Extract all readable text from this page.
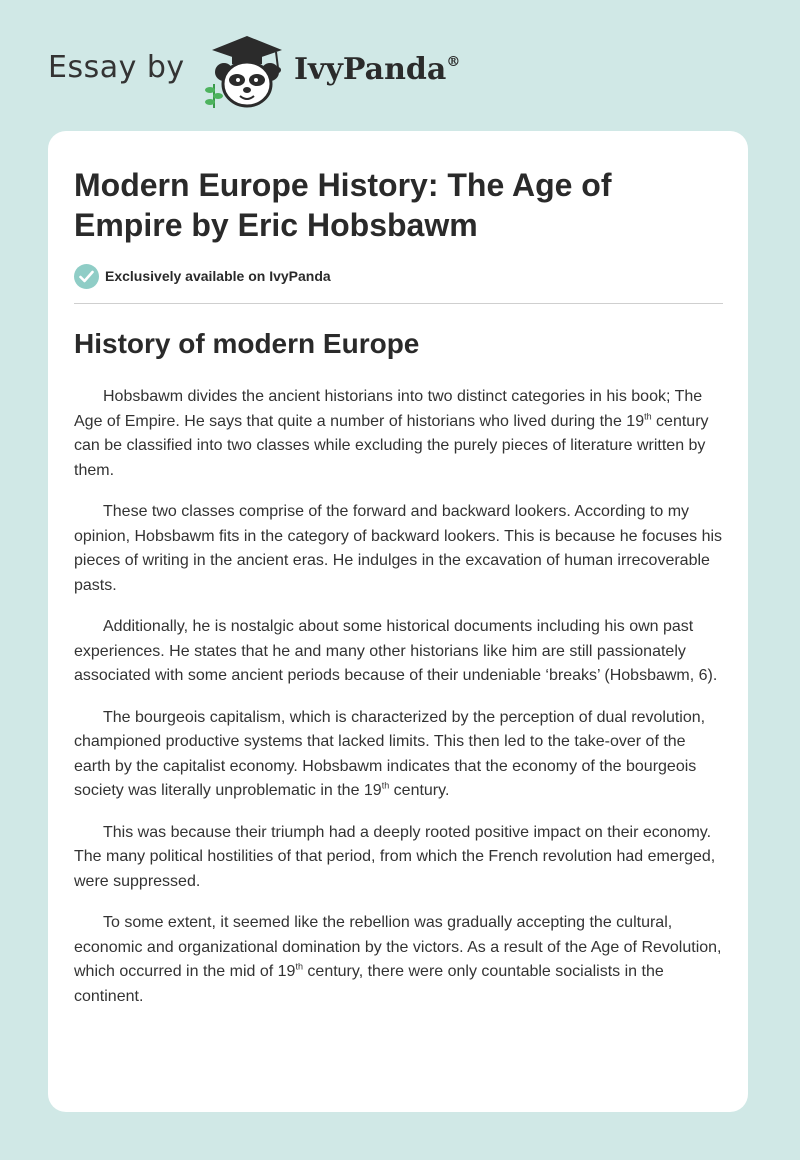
Essay by	IvyPanda®
Modern Europe History: The Age of Empire by Eric Hobsbawm
Exclusively available on IvyPanda
History of modern Europe

Hobsbawm divides the ancient historians into two distinct categories in his book; The Age of Empire. He says that quite a number of historians who lived during the 19th century can be classified into two classes while excluding the purely pieces of literature written by them.

These two classes comprise of the forward and backward lookers. According to my opinion, Hobsbawm fits in the category of backward lookers. This is because he focuses his pieces of writing in the ancient eras. He indulges in the excavation of human irrecoverable pasts.

Additionally, he is nostalgic about some historical documents including his own past experiences. He states that he and many other historians like him are still passionately associated with some ancient periods because of their undeniable ‘breaks’ (Hobsbawm, 6).

The bourgeois capitalism, which is characterized by the perception of dual revolution, championed productive systems that lacked limits. This then led to the take-over of the earth by the capitalist economy. Hobsbawm indicates that the economy of the bourgeois society was literally unproblematic in the 19th century.

This was because their triumph had a deeply rooted positive impact on their economy. The many political hostilities of that period, from which the French revolution had emerged, were suppressed.

To some extent, it seemed like the rebellion was gradually accepting the cultural, economic and organizational domination by the victors. As a result of the Age of Revolution, which occurred in the mid of 19th century, there were only countable socialists in the continent.
